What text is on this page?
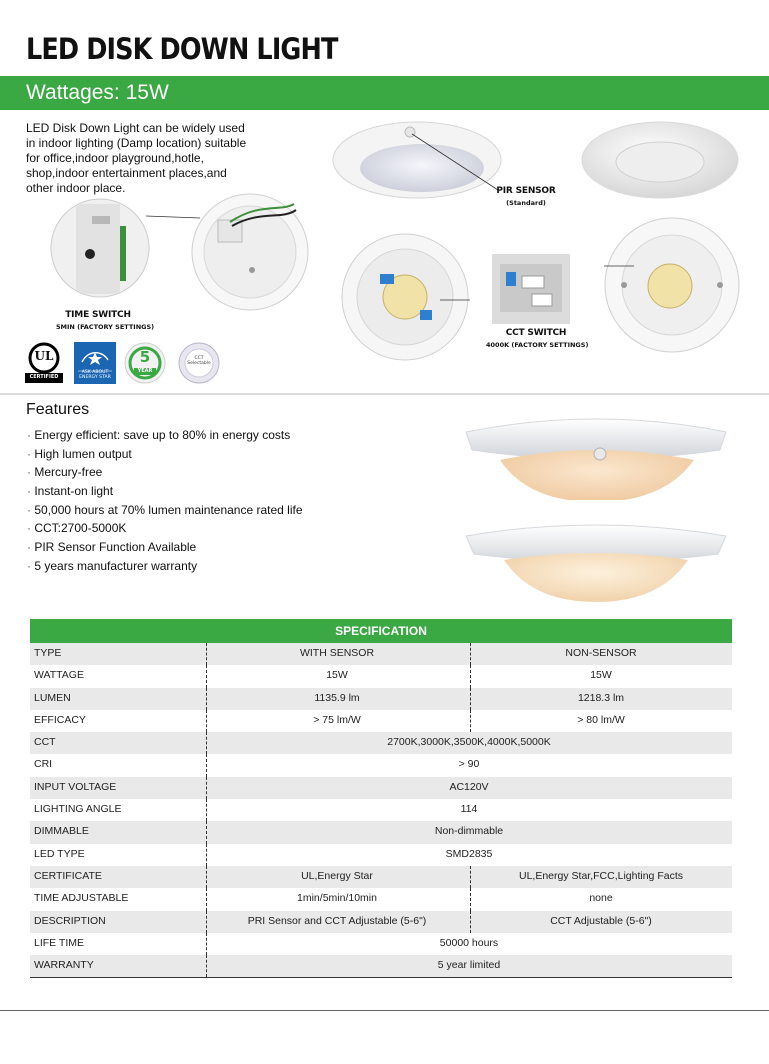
LED DISK DOWN LIGHT
Wattages: 15W
LED Disk Down Light can be widely used in indoor lighting (Damp location) suitable for office,indoor playground,hotle, shop,indoor entertainment places,and other indoor place.	PIR SENSOR
(Standard)
TIME SWITCH
5MIN (FACTORY SETTINGS)
CCT SWITCH
4000K (FACTORY SETTINGS)
UL
CERTIFIED
ASK ABOUT
ENERGY STAR
5
YEAR
CCT
Selectable
Features
· Energy efficient: save up to 80% in energy costs
· High lumen output
· Mercury-free
· Instant-on light
· 50,000 hours at 70% lumen maintenance rated life
· CCT:2700-5000K
· PIR Sensor Function Available
· 5 years manufacturer warranty
SPECIFICATION
TYPE	WITH SENSOR	NON-SENSOR
WATTAGE	15W	15W
LUMEN	1135.9 lm	1218.3 lm
EFFICACY	> 75 lm/W	> 80 lm/W
CCT	2700K,3000K,3500K,4000K,5000K
CRI	> 90
INPUT VOLTAGE	AC120V
LIGHTING ANGLE	114
DIMMABLE	Non-dimmable
LED TYPE	SMD2835
CERTIFICATE	UL,Energy Star	UL,Energy Star,FCC,Lighting Facts
TIME ADJUSTABLE	1min/5min/10min	none
DESCRIPTION	PRI Sensor and CCT Adjustable (5-6")	CCT Adjustable (5-6")
LIFE TIME	50000 hours
WARRANTY	5 year limited
